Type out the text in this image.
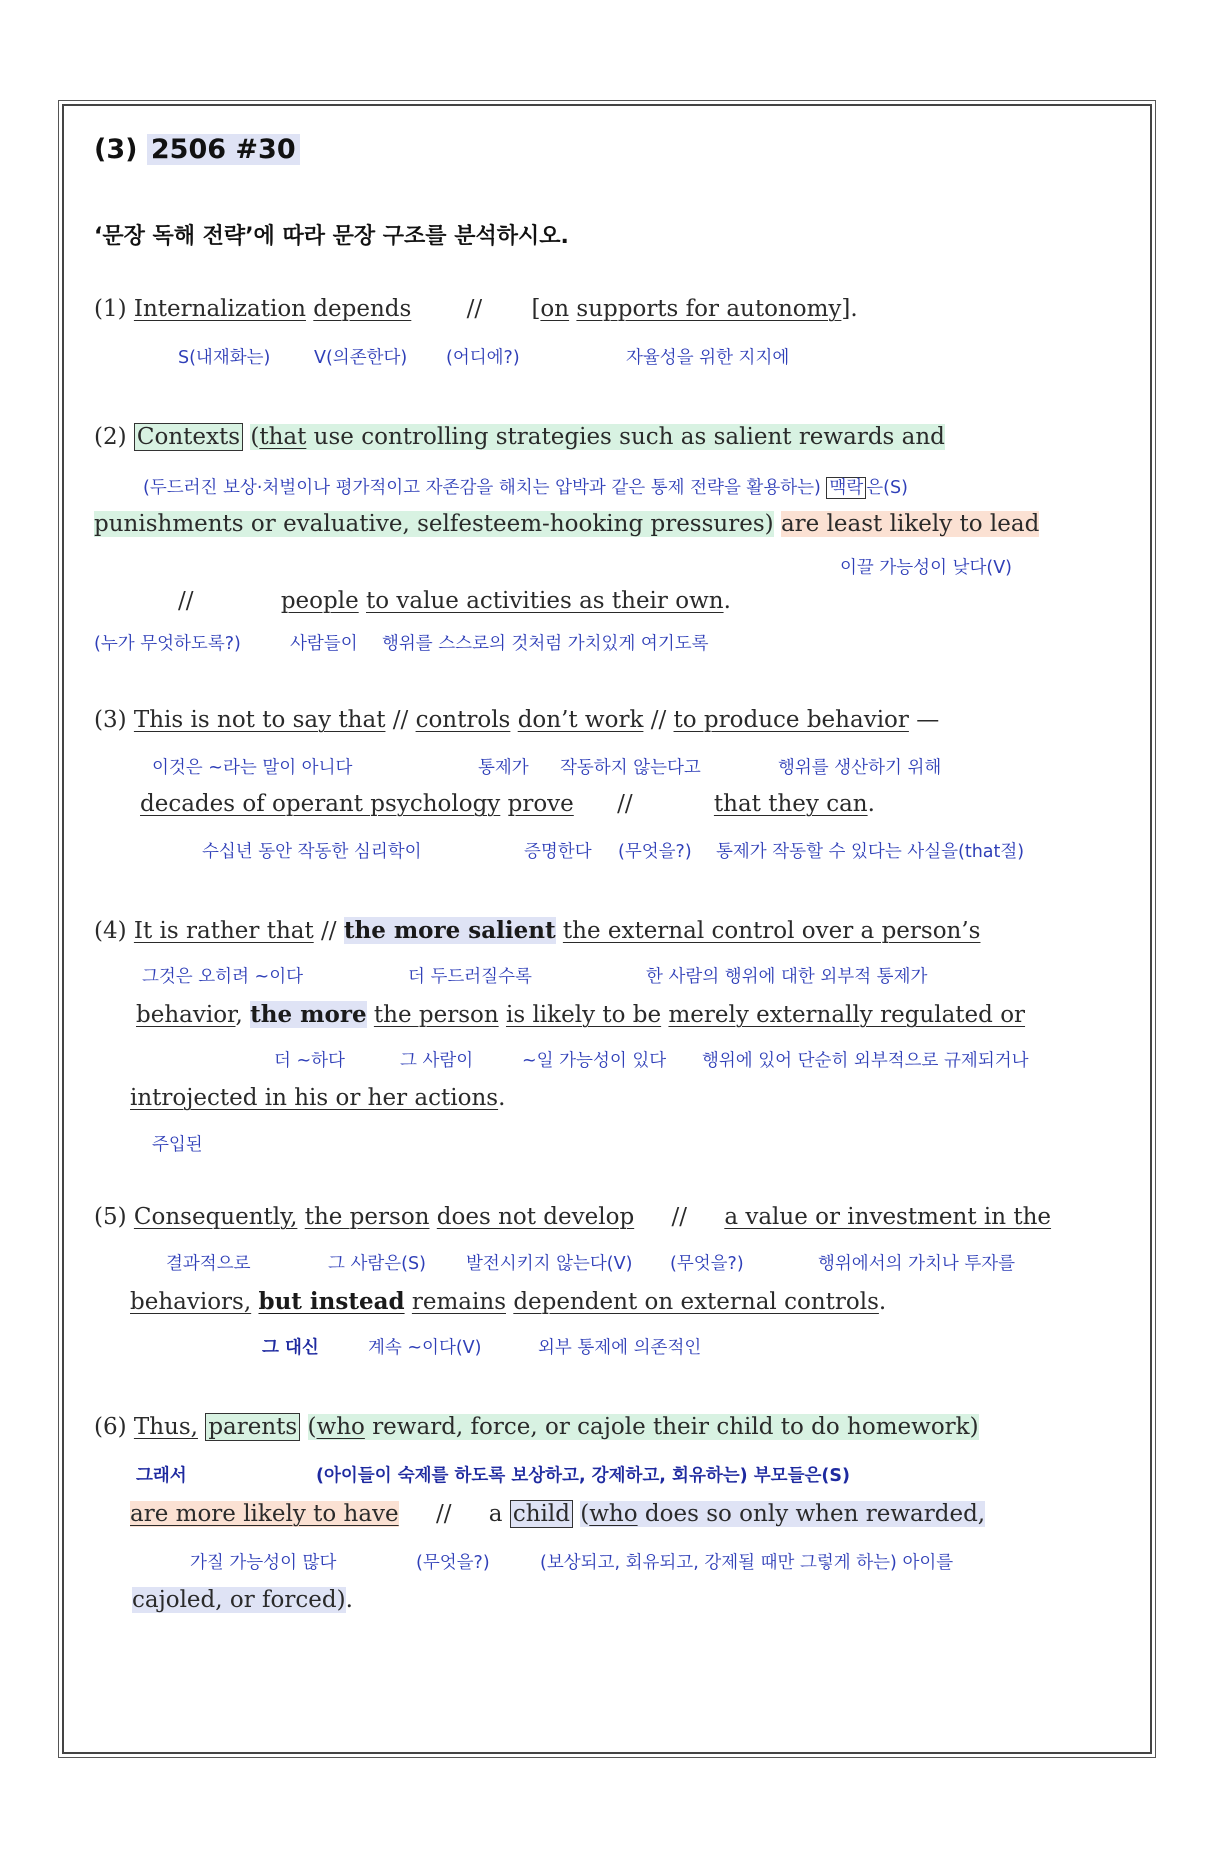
(3) 2506 #30
‘문장 독해 전략’에 따라 문장 구조를 분석하시오.
(1) Internalization depends // [on supports for autonomy].
S(내재화는) V(의존한다) (어디에?)	자율성을 위한 지지에
(2) Contexts (that use controlling strategies such as salient rewards and
(두드러진 보상·처벌이나 평가적이고 자존감을 해치는 압박과 같은 통제 전략을 활용하는) 맥락 은(S)
punishments or evaluative, selfesteem-hooking pressures) are least likely to lead
이끌 가능성이 낮다(V)
//	people to value activities as their own.
(누가 무엇하도록?)	사람들이 행위를 스스로의 것처럼 가치있게 여기도록
(3) This is not to say that // controls don’t work // to produce behavior —
이것은 ~라는 말이 아니다	통제가 작동하지 않는다고	행위를 생산하기 위해
decades of operant psychology prove //	that they can.
수십년 동안 작동한 심리학이	증명한다 (무엇을?) 통제가 작동할 수 있다는 사실을(that절)
(4) It is rather that // the more salient the external control over a person’s
그것은 오히려 ~이다	더 두드러질수록	한 사람의 행위에 대한 외부적 통제가
behavior, the more the person is likely to be merely externally regulated or
더 ~하다	그 사람이	~일 가능성이 있다 행위에 있어 단순히 외부적으로 규제되거나
introjected in his or her actions.
주입된
(5) Consequently, the person does not develop // a value or investment in the
결과적으로	그 사람은(S) 발전시키지 않는다(V) (무엇을?)	행위에서의 가치나 투자를
behaviors, but instead remains dependent on external controls.
그 대신	계속 ~이다(V)	외부 통제에 의존적인
(6) Thus, parents (who reward, force, or cajole their child to do homework)
그래서	(아이들이 숙제를 하도록 보상하고, 강제하고, 회유하는) 부모들은(S)
are more likely to have // a child (who does so only when rewarded,
가질 가능성이 많다	(무엇을?)	(보상되고, 회유되고, 강제될 때만 그렇게 하는) 아이를
cajoled, or forced).
